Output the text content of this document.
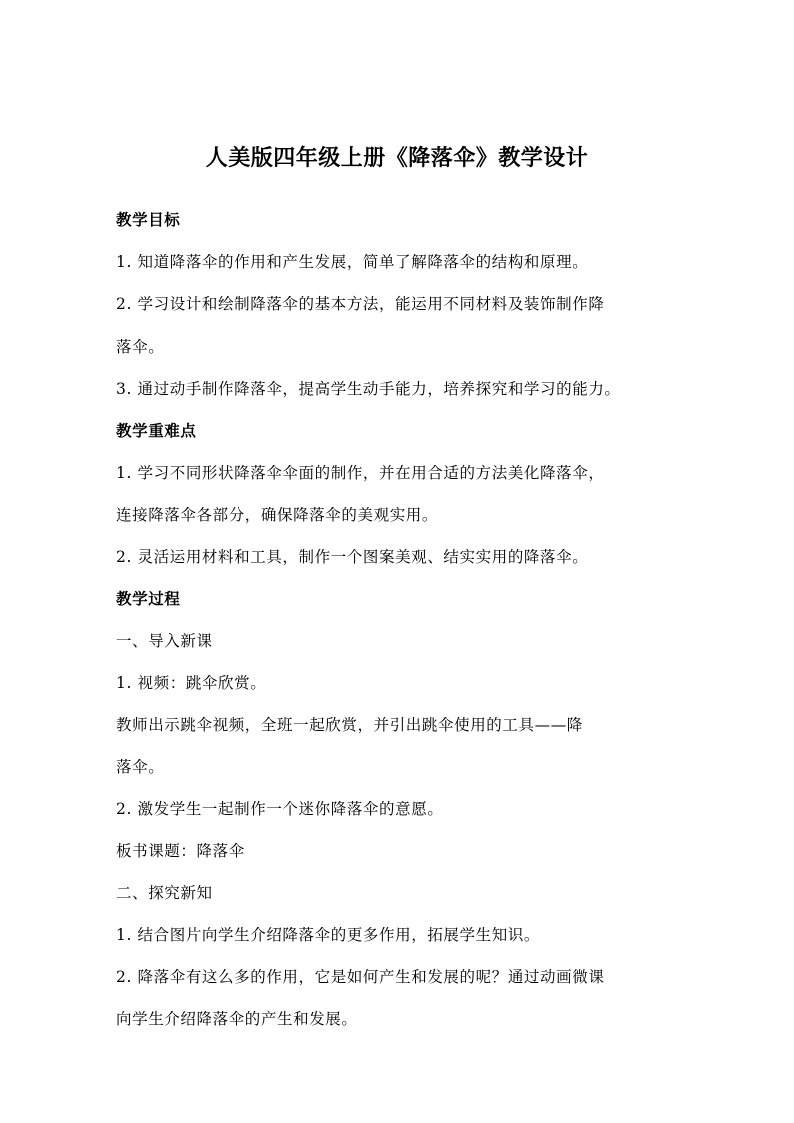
人美版四年级上册《降落伞》教学设计
教学目标
1. 知道降落伞的作用和产生发展，简单了解降落伞的结构和原理。
2. 学习设计和绘制降落伞的基本方法，能运用不同材料及装饰制作降
落伞。
3. 通过动手制作降落伞，提高学生动手能力，培养探究和学习的能力。
教学重难点
1. 学习不同形状降落伞伞面的制作，并在用合适的方法美化降落伞，
连接降落伞各部分，确保降落伞的美观实用。
2. 灵活运用材料和工具，制作一个图案美观、结实实用的降落伞。
教学过程
一、导入新课
1. 视频：跳伞欣赏。
教师出示跳伞视频，全班一起欣赏，并引出跳伞使用的工具——降
落伞。
2. 激发学生一起制作一个迷你降落伞的意愿。
板书课题：降落伞
二、探究新知
1. 结合图片向学生介绍降落伞的更多作用，拓展学生知识。
2. 降落伞有这么多的作用，它是如何产生和发展的呢？通过动画微课
向学生介绍降落伞的产生和发展。
